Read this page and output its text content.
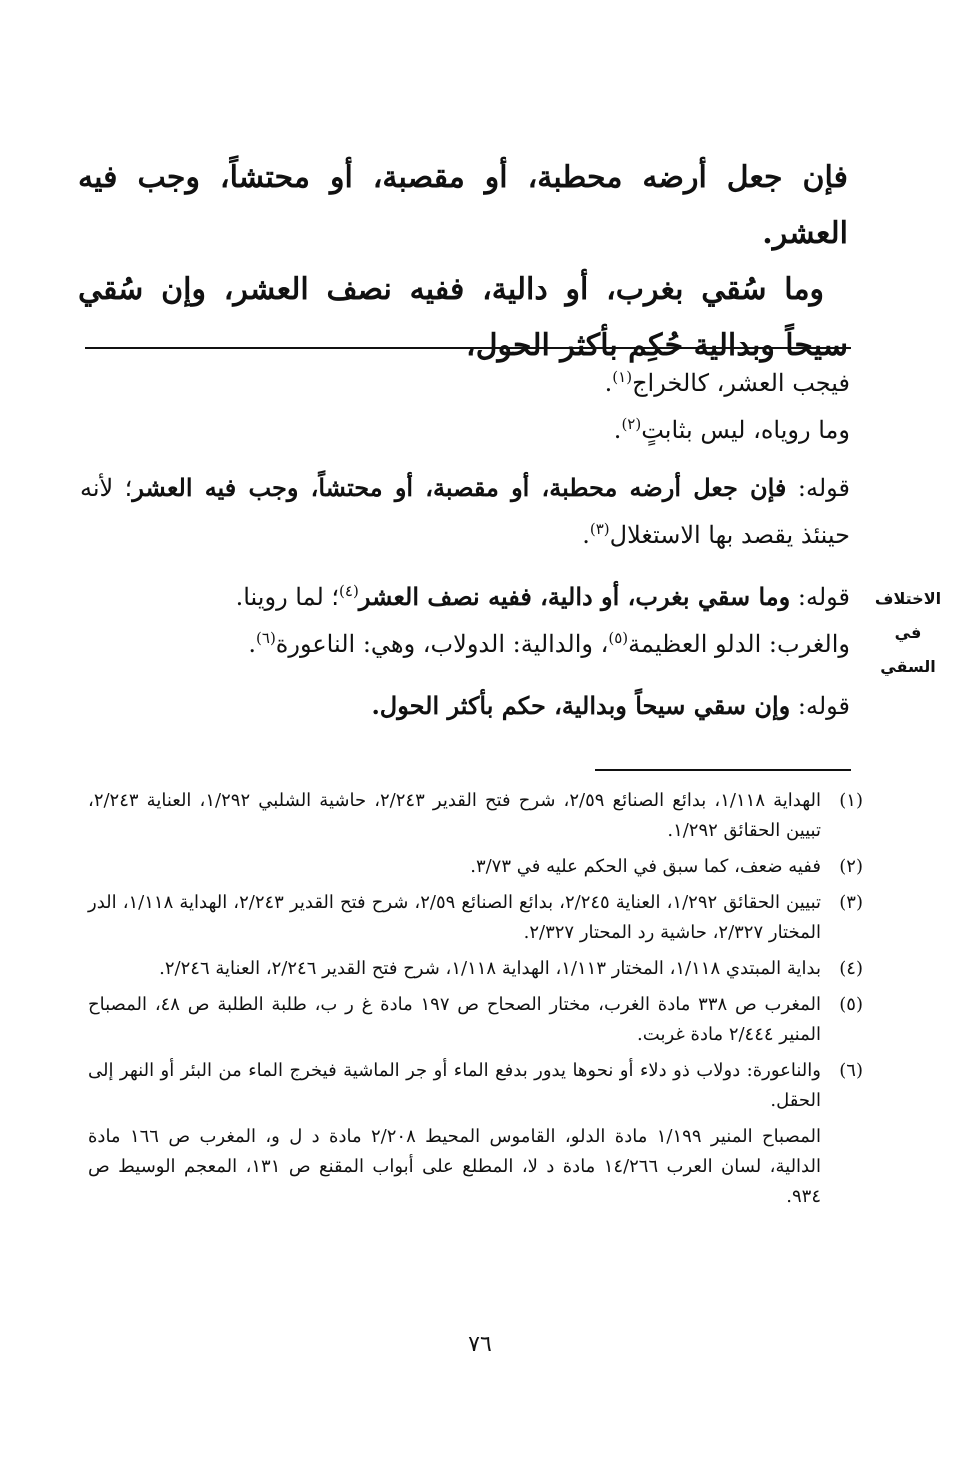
فإن جعل أرضه محطبة، أو مقصبة، أو محتشاً، وجب فيه العشر.

وما سُقي بغرب، أو دالية، ففيه نصف العشر، وإن سُقي سيحاً وبدالية حُكِم بأكثر الحول،

فيجب العشر، كالخراج$^{(١)}$.

وما روياه، ليس بثابتٍ$^{(٢)}$.

قوله: فإن جعل أرضه محطبة، أو مقصبة، أو محتشاً، وجب فيه العشر؛ لأنه حينئذ يقصد بها الاستغلال$^{(٣)}$.

قوله: وما سقي بغرب، أو دالية، ففيه نصف العشر$^{(٤)}$؛ لما روينا.

والغرب: الدلو العظيمة$^{(٥)}$، والدالية: الدولاب، وهي: الناعورة$^{(٦)}$.

قوله: وإن سقي سيحاً وبدالية، حكم بأكثر الحول.

الاختلاف
في السقي
(١)
الهداية ١/١١٨، بدائع الصنائع ٢/٥٩، شرح فتح القدير ٢/٢٤٣، حاشية الشلبي ١/٢٩٢، العناية ٢/٢٤٣، تبيين الحقائق ١/٢٩٢.
(٢)
ففيه ضعف، كما سبق في الحكم عليه في ٣/٧٣.
(٣)
تبيين الحقائق ١/٢٩٢، العناية ٢/٢٤٥، بدائع الصنائع ٢/٥٩، شرح فتح القدير ٢/٢٤٣، الهداية ١/١١٨، الدر المختار ٢/٣٢٧، حاشية رد المحتار ٢/٣٢٧.
(٤)
بداية المبتدي ١/١١٨، المختار ١/١١٣، الهداية ١/١١٨، شرح فتح القدير ٢/٢٤٦، العناية ٢/٢٤٦.
(٥)
المغرب ص ٣٣٨ مادة الغرب، مختار الصحاح ص ١٩٧ مادة غ ر ب، طلبة الطلبة ص ٤٨، المصباح المنير ٢/٤٤٤ مادة غربت.
(٦)
والناعورة: دولاب ذو دلاء أو نحوها يدور بدفع الماء أو جر الماشية فيخرج الماء من البئر أو النهر إلى الحقل.
المصباح المنير ١/١٩٩ مادة الدلو، القاموس المحيط ٢/٢٠٨ مادة د ل و، المغرب ص ١٦٦ مادة الدالية، لسان العرب ١٤/٢٦٦ مادة د لا، المطلع على أبواب المقنع ص ١٣١، المعجم الوسيط ص ٩٣٤.
٧٦
